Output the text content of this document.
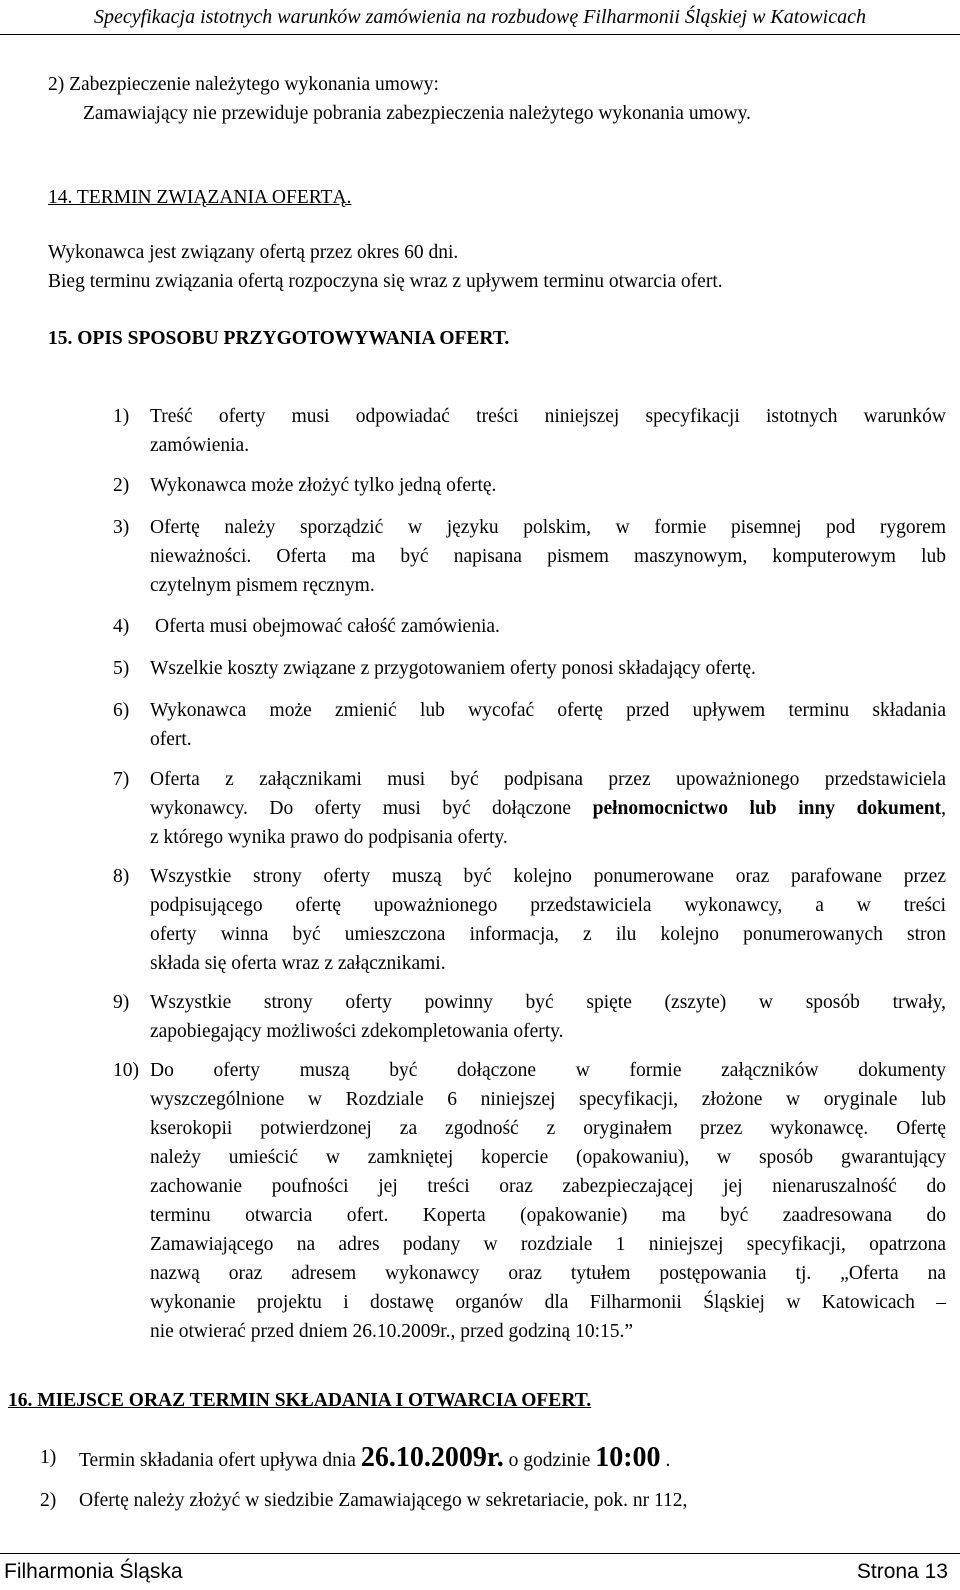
Specyfikacja istotnych warunków zamówienia na rozbudowę Filharmonii Śląskiej w Katowicach
2) Zabezpieczenie należytego wykonania umowy:
Zamawiający nie przewiduje pobrania zabezpieczenia należytego wykonania umowy.
14. TERMIN ZWIĄZANIA OFERTĄ.
Wykonawca jest związany ofertą przez okres 60 dni.
Bieg terminu związania ofertą rozpoczyna się wraz z upływem terminu otwarcia ofert.
15. OPIS SPOSOBU PRZYGOTOWYWANIA OFERT.
1) Treść oferty musi odpowiadać treści niniejszej specyfikacji istotnych warunków
zamówienia.
2) Wykonawca może złożyć tylko jedną ofertę.
3) Ofertę należy sporządzić w języku polskim, w formie pisemnej pod rygorem
nieważności. Oferta ma być napisana pismem maszynowym, komputerowym lub
czytelnym pismem ręcznym.
4) Oferta musi obejmować całość zamówienia.
5) Wszelkie koszty związane z przygotowaniem oferty ponosi składający ofertę.
6) Wykonawca może zmienić lub wycofać ofertę przed upływem terminu składania
ofert.
7) Oferta z załącznikami musi być podpisana przez upoważnionego przedstawiciela
wykonawcy. Do oferty musi być dołączone pełnomocnictwo lub inny dokument,
z którego wynika prawo do podpisania oferty.
8) Wszystkie strony oferty muszą być kolejno ponumerowane oraz parafowane przez
podpisującego ofertę upoważnionego przedstawiciela wykonawcy, a w treści
oferty winna być umieszczona informacja, z ilu kolejno ponumerowanych stron
składa się oferta wraz z załącznikami.
9) Wszystkie strony oferty powinny być spięte (zszyte) w sposób trwały,
zapobiegający możliwości zdekompletowania oferty.
10) Do oferty muszą być dołączone w formie załączników dokumenty
wyszczególnione w Rozdziale 6 niniejszej specyfikacji, złożone w oryginale lub
kserokopii potwierdzonej za zgodność z oryginałem przez wykonawcę. Ofertę
należy umieścić w zamkniętej kopercie (opakowaniu), w sposób gwarantujący
zachowanie poufności jej treści oraz zabezpieczającej jej nienaruszalność do
terminu otwarcia ofert. Koperta (opakowanie) ma być zaadresowana do
Zamawiającego na adres podany w rozdziale 1 niniejszej specyfikacji, opatrzona
nazwą oraz adresem wykonawcy oraz tytułem postępowania tj. „Oferta na
wykonanie projektu i dostawę organów dla Filharmonii Śląskiej w Katowicach –
nie otwierać przed dniem 26.10.2009r., przed godziną 10:15.”
16. MIEJSCE ORAZ TERMIN SKŁADANIA I OTWARCIA OFERT.
1) Termin składania ofert upływa dnia 26.10.2009r. o godzinie 10:00 .
2) Ofertę należy złożyć w siedzibie Zamawiającego w sekretariacie, pok. nr 112,
Filharmonia Śląska	Strona 13
